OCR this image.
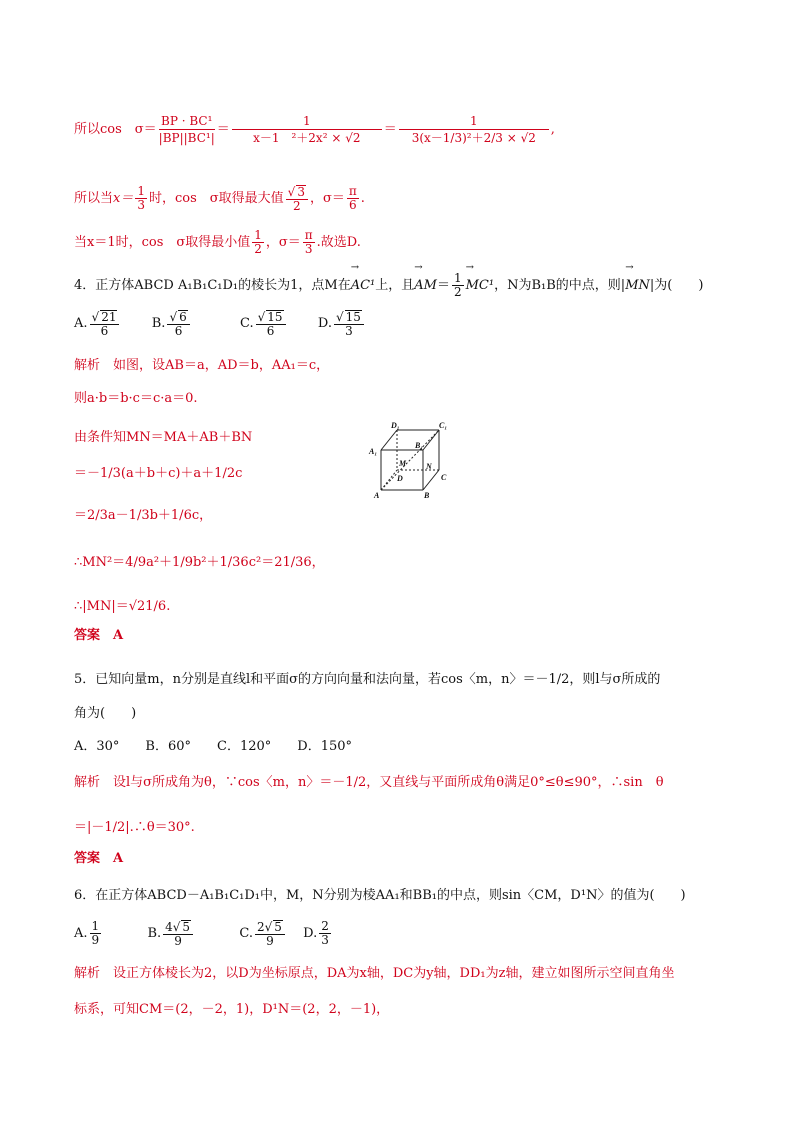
所以cos　$\sigma= \frac{\text{BP · BC¹}}{\text{|BP||BC¹|}} = \frac{1}{\text{x－1　²＋2x² × √2}} = \frac{1}{\text{3(x－1/3)²＋2/3 × √2}}$ ,
所以当$x= \frac{1}{3}$ 时，cos　σ取得最大值 $\frac{√ 3}{2}$ ，$\sigma= \frac{\pi}{6}$ .
当x＝1时，cos　σ取得最小值 $\frac{1}{2}$ ，$\sigma= \frac{\pi}{3}$ .故选D.
4．正方体ABCD A₁B₁C₁D₁的棱长为1，点M在→ AC¹上，且→ $AM= \frac{1}{2}$
→ MC¹，N为B₁B的中点，则|→ MN|为(　　)
A. $\frac{√ 21}{6} B$. $\frac{√ 6}{6}$	C. $\frac{√ 15}{6} D$. $\frac{√ 15}{3}$
解析　如图，设AB＝a，AD＝b，AA₁＝c，
则a·b＝b·c＝c·a＝0.
由条件知MN＝MA＋AB＋BN
＝－1/3(a＋b＋c)＋a＋1/2c
＝2/3a－1/3b＋1/6c，
∴MN²＝4/9a²＋1/9b²＋1/36c²＝21/36，
∴|MN|＝√21/6.
答案　A
D₁	C₁
A₁
B₁
M N
D	C
A	B
5．已知向量m，n分别是直线l和平面σ的方向向量和法向量，若cos〈m，n〉＝－1/2，则l与σ所成的
角为(　　)
A．30°　　B．60°　　C．120°　　D．150°
解析　设l与σ所成角为θ，∵cos〈m，n〉＝－1/2，又直线与平面所成角θ满足0°≤θ≤90°，∴sin　θ
＝|－1/2|.∴θ＝30°.
答案　A
6．在正方体ABCD－A₁B₁C₁D₁中，M，N分别为棱AA₁和BB₁的中点，则sin〈CM，D¹N〉的值为(　　)
A. $\frac{1}{9}$	B. $\frac{4√ 5}{9}$	C. $\frac{2√ 5}{9} D$. $\frac{2}{3}$
解析　设正方体棱长为2，以D为坐标原点，DA为x轴，DC为y轴，DD₁为z轴，建立如图所示空间直角坐
标系，可知CM＝(2，－2，1)，D¹N＝(2，2，－1)，
